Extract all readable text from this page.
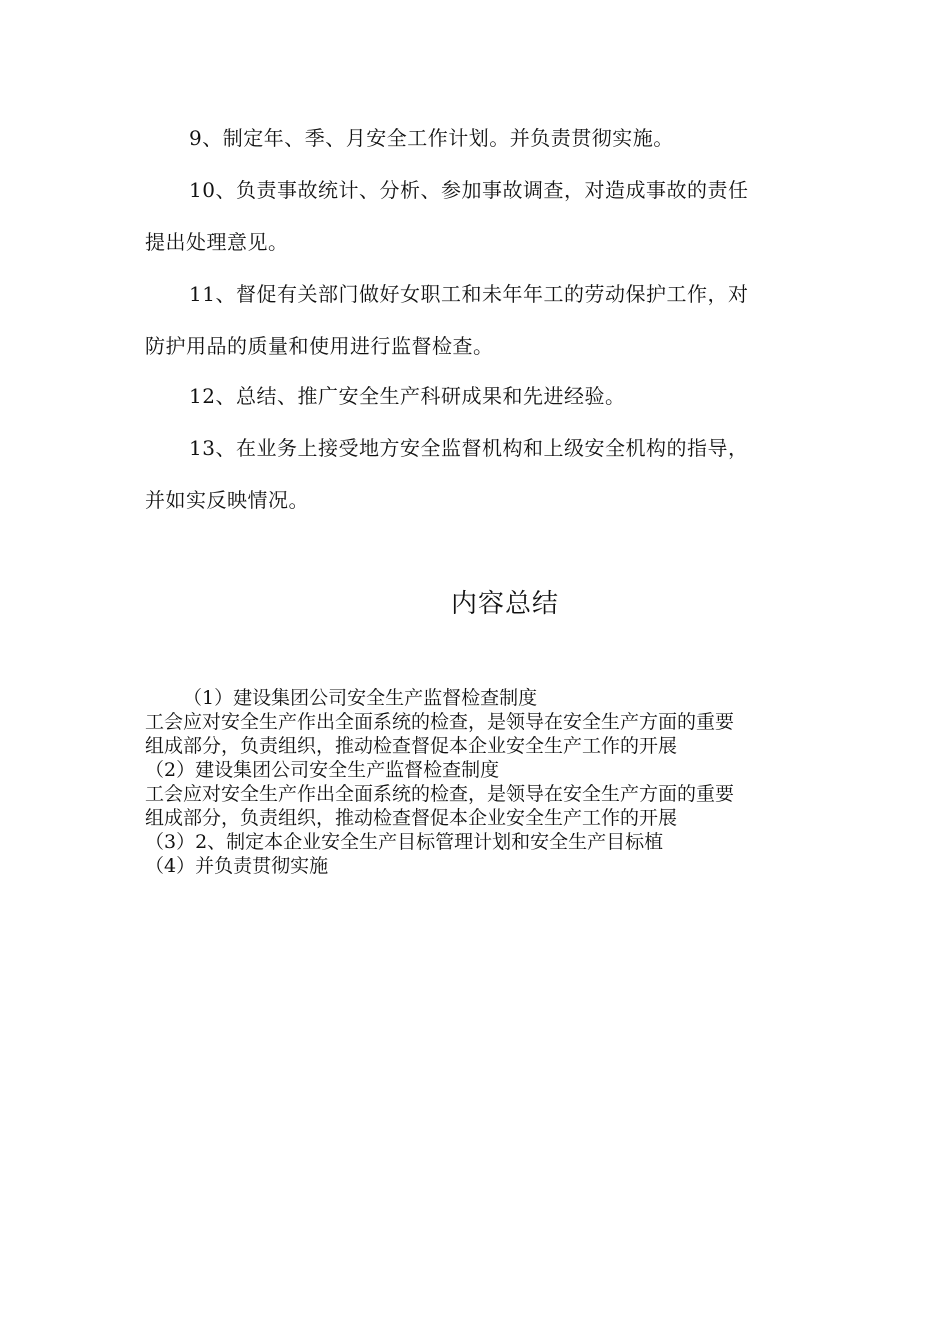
9、制定年、季、月安全工作计划。并负责贯彻实施。
10、负责事故统计、分析、参加事故调查，对造成事故的责任
提出处理意见。
11、督促有关部门做好女职工和未年年工的劳动保护工作，对
防护用品的质量和使用进行监督检查。
12、总结、推广安全生产科研成果和先进经验。
13、在业务上接受地方安全监督机构和上级安全机构的指导，
并如实反映情况。
内容总结
（1）建设集团公司安全生产监督检查制度
工会应对安全生产作出全面系统的检查，是领导在安全生产方面的重要
组成部分，负责组织，推动检查督促本企业安全生产工作的开展
（2）建设集团公司安全生产监督检查制度
工会应对安全生产作出全面系统的检查，是领导在安全生产方面的重要
组成部分，负责组织，推动检查督促本企业安全生产工作的开展
（3）2、制定本企业安全生产目标管理计划和安全生产目标植
（4）并负责贯彻实施
